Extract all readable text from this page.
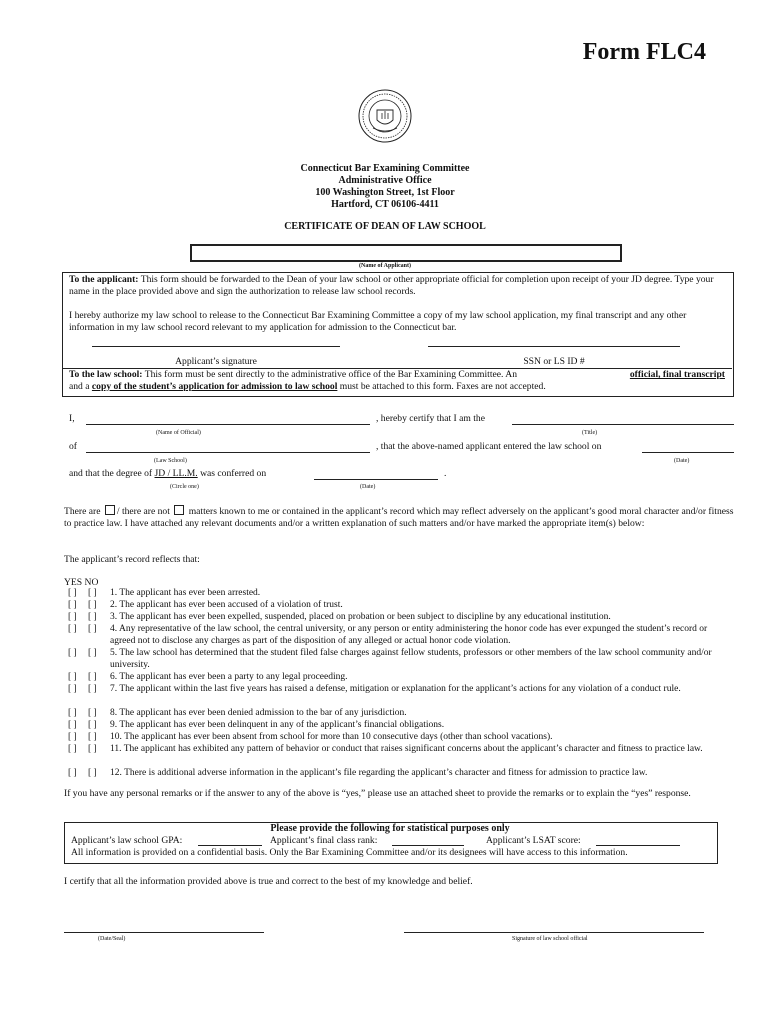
Form FLC4
Connecticut Bar Examining Committee
Administrative Office
100 Washington Street, 1st Floor
Hartford, CT 06106-4411
CERTIFICATE OF DEAN OF LAW SCHOOL
(Name of Applicant)
To the applicant: This form should be forwarded to the Dean of your law school or other appropriate official for completion upon receipt of your JD degree. Type your name in the place provided above and sign the authorization to release law school records.
I hereby authorize my law school to release to the Connecticut Bar Examining Committee a copy of my law school application, my final transcript and any other information in my law school record relevant to my application for admission to the Connecticut bar.
Applicant’s signature	SSN or LS ID #
To the law school: This form must be sent directly to the administrative office of the Bar Examining Committee. An	official, final transcript

and a copy of the student’s application for admission to law school must be attached to this form. Faxes are not accepted.
I,	, hereby certify that I am the
(Name of Official)	(Title)
of	, that the above-named applicant entered the law school on
(Law School)	(Date)
and that the degree of JD / LL.M. was conferred on	.
(Circle one)	(Date)
There are / there are not  matters known to me or contained in the applicant’s record which may reflect adversely on the applicant’s good moral character and/or fitness to practice law. I have attached any relevant documents and/or a written explanation of such matters and/or have marked the appropriate item(s) below:
The applicant’s record reflects that:
YES NO
[ ] [ ] 1. The applicant has ever been arrested.
[ ] [ ] 2. The applicant has ever been accused of a violation of trust.
[ ] [ ] 3. The applicant has ever been expelled, suspended, placed on probation or been subject to discipline by any educational institution.
[ ] [ ] 4. Any representative of the law school, the central university, or any person or entity administering the honor code has ever expunged the student’s record or agreed not to disclose any charges as part of the disposition of any alleged or actual honor code violation.
[ ] [ ] 5. The law school has determined that the student filed false charges against fellow students, professors or other members of the law school community and/or university.
[ ] [ ] 6. The applicant has ever been a party to any legal proceeding.
[ ] [ ] 7. The applicant within the last five years has raised a defense, mitigation or explanation for the applicant’s actions for any violation of a conduct rule.
[ ] [ ] 8. The applicant has ever been denied admission to the bar of any jurisdiction.
[ ] [ ] 9. The applicant has ever been delinquent in any of the applicant’s financial obligations.
[ ] [ ] 10. The applicant has ever been absent from school for more than 10 consecutive days (other than school vacations).
[ ] [ ] 11. The applicant has exhibited any pattern of behavior or conduct that raises significant concerns about the applicant’s character and fitness to practice law.
[ ] [ ] 12. There is additional adverse information in the applicant’s file regarding the applicant’s character and fitness for admission to practice law.
If you have any personal remarks or if the answer to any of the above is “yes,” please use an attached sheet to provide the remarks or to explain the “yes” response.
Please provide the following for statistical purposes only
Applicant’s law school GPA:	Applicant’s final class rank:	Applicant’s LSAT score:
All information is provided on a confidential basis. Only the Bar Examining Committee and/or its designees will have access to this information.
I certify that all the information provided above is true and correct to the best of my knowledge and belief.
(Date/Seal)	Signature of law school official
